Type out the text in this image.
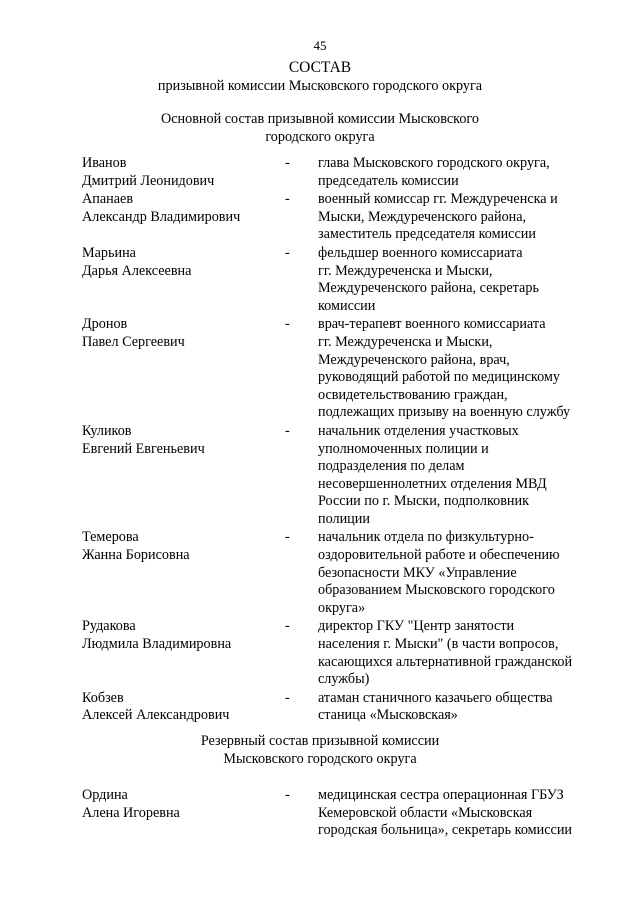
45
СОСТАВ
призывной комиссии Мысковского городского округа
Основной состав призывной комиссии Мысковского
городского округа
Иванов
Дмитрий Леонидович
-	глава Мысковского городского округа,
председатель комиссии
Апанаев
Александр Владимирович
-	военный комиссар гг. Междуреченска и
Мыски, Междуреченского района,
заместитель председателя комиссии
Марьина
Дарья Алексеевна
-	фельдшер военного комиссариата
гг. Междуреченска и Мыски,
Междуреченского района, секретарь
комиссии
Дронов
Павел Сергеевич
-	врач-терапевт военного комиссариата
гг. Междуреченска и Мыски,
Междуреченского района, врач,
руководящий работой по медицинскому
освидетельствованию граждан,
подлежащих призыву на военную службу
Куликов
Евгений Евгеньевич
-	начальник отделения участковых
уполномоченных полиции и
подразделения по делам
несовершеннолетних отделения МВД
России по г. Мыски, подполковник
полиции
Темерова
Жанна Борисовна
-	начальник отдела по физкультурно-
оздоровительной работе и обеспечению
безопасности МКУ «Управление
образованием Мысковского городского
округа»
Рудакова
Людмила Владимировна
-	директор ГКУ "Центр занятости
населения г. Мыски" (в части вопросов,
касающихся альтернативной гражданской
службы)
Кобзев
Алексей Александрович
-	атаман станичного казачьего общества
станица «Мысковская»
Резервный состав призывной комиссии
Мысковского городского округа
Ордина
Алена Игоревна
-	медицинская сестра операционная ГБУЗ
Кемеровской области «Мысковская
городская больница», секретарь комиссии
